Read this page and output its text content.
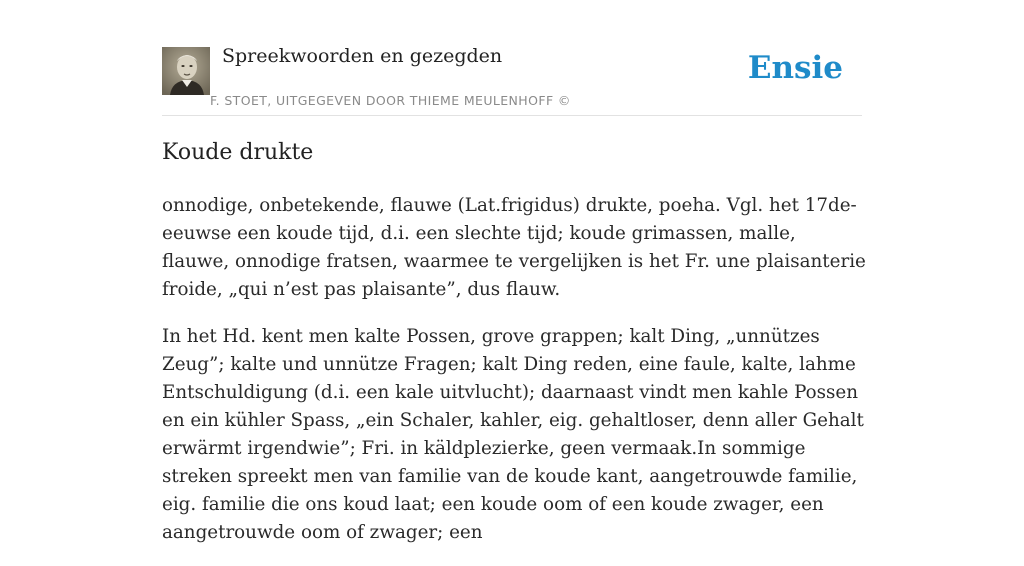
Spreekwoorden en gezegden
F. STOET, UITGEGEVEN DOOR THIEME MEULENHOFF ©
Ensie
Koude drukte

onnodige, onbetekende, flauwe (Lat.frigidus) drukte, poeha. Vgl. het 17de-eeuwse een koude tijd, d.i. een slechte tijd; koude grimassen, malle, flauwe, onnodige fratsen, waarmee te vergelijken is het Fr. une plaisanterie froide, „qui n’est pas plaisante”, dus flauw.

In het Hd. kent men kalte Possen, grove grappen; kalt Ding, „unnützes Zeug”; kalte und unnütze Fragen; kalt Ding reden, eine faule, kalte, lahme Entschuldigung (d.i. een kale uitvlucht); daarnaast vindt men kahle Possen en ein kühler Spass, „ein Schaler, kahler, eig. gehaltloser, denn aller Gehalt erwärmt irgendwie”; Fri. in käldplezierke, geen vermaak.In sommige streken spreekt men van familie van de koude kant, aangetrouwde familie, eig. familie die ons koud laat; een koude oom of een koude zwager, een aangetrouwde oom of zwager; een
